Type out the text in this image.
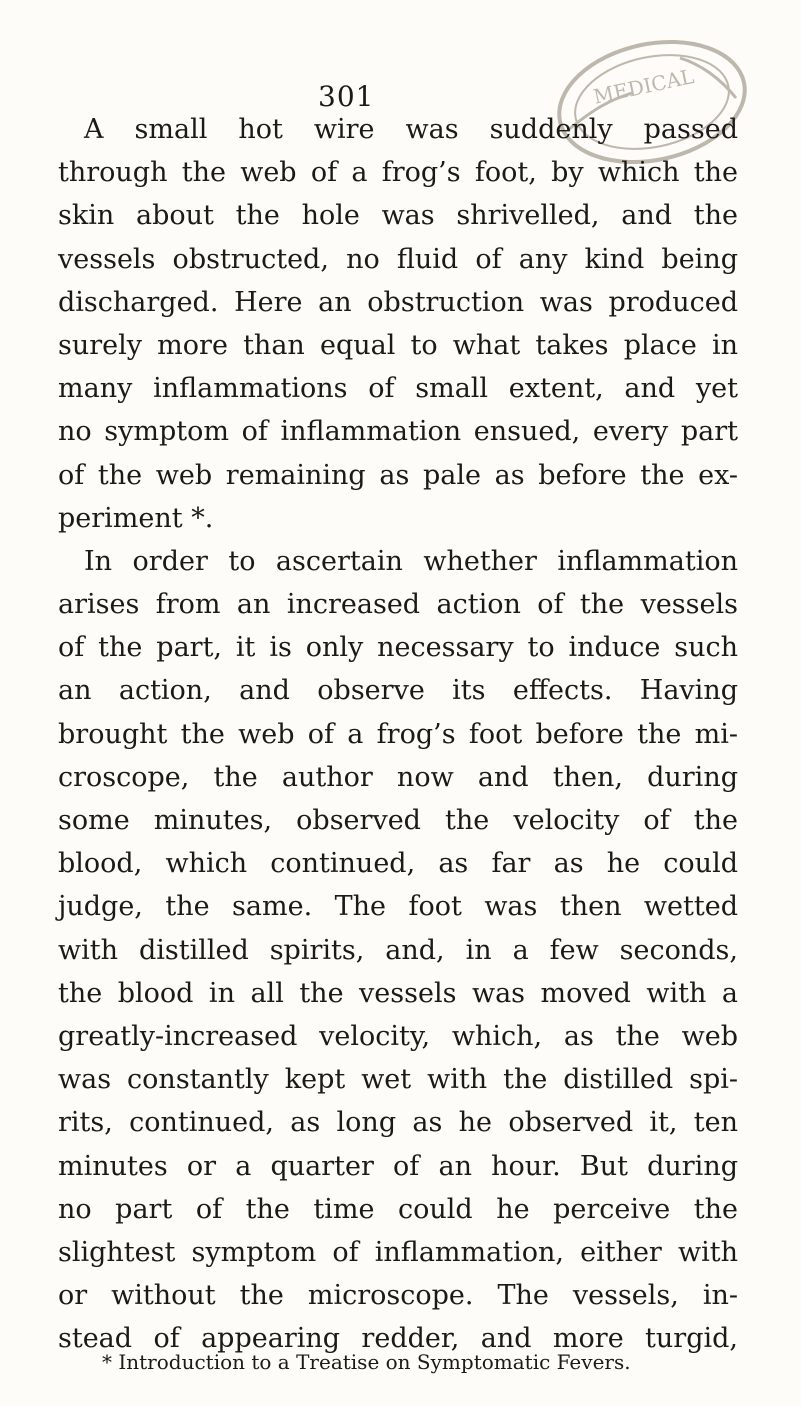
301	MEDICAL
A small hot wire was suddenly passed
through the web of a frog’s foot, by which the
skin about the hole was shrivelled, and the
vessels obstructed, no fluid of any kind being
discharged. Here an obstruction was produced
surely more than equal to what takes place in
many inflammations of small extent, and yet
no symptom of inflammation ensued, every part
of the web remaining as pale as before the ex-
periment *.
In order to ascertain whether inflammation
arises from an increased action of the vessels
of the part, it is only necessary to induce such
an action, and observe its effects. Having
brought the web of a frog’s foot before the mi-
croscope, the author now and then, during
some minutes, observed the velocity of the
blood, which continued, as far as he could
judge, the same. The foot was then wetted
with distilled spirits, and, in a few seconds,
the blood in all the vessels was moved with a
greatly-increased velocity, which, as the web
was constantly kept wet with the distilled spi-
rits, continued, as long as he observed it, ten
minutes or a quarter of an hour. But during
no part of the time could he perceive the
slightest symptom of inflammation, either with
or without the microscope. The vessels, in-
stead of appearing redder, and more turgid,
* Introduction to a Treatise on Symptomatic Fevers.
